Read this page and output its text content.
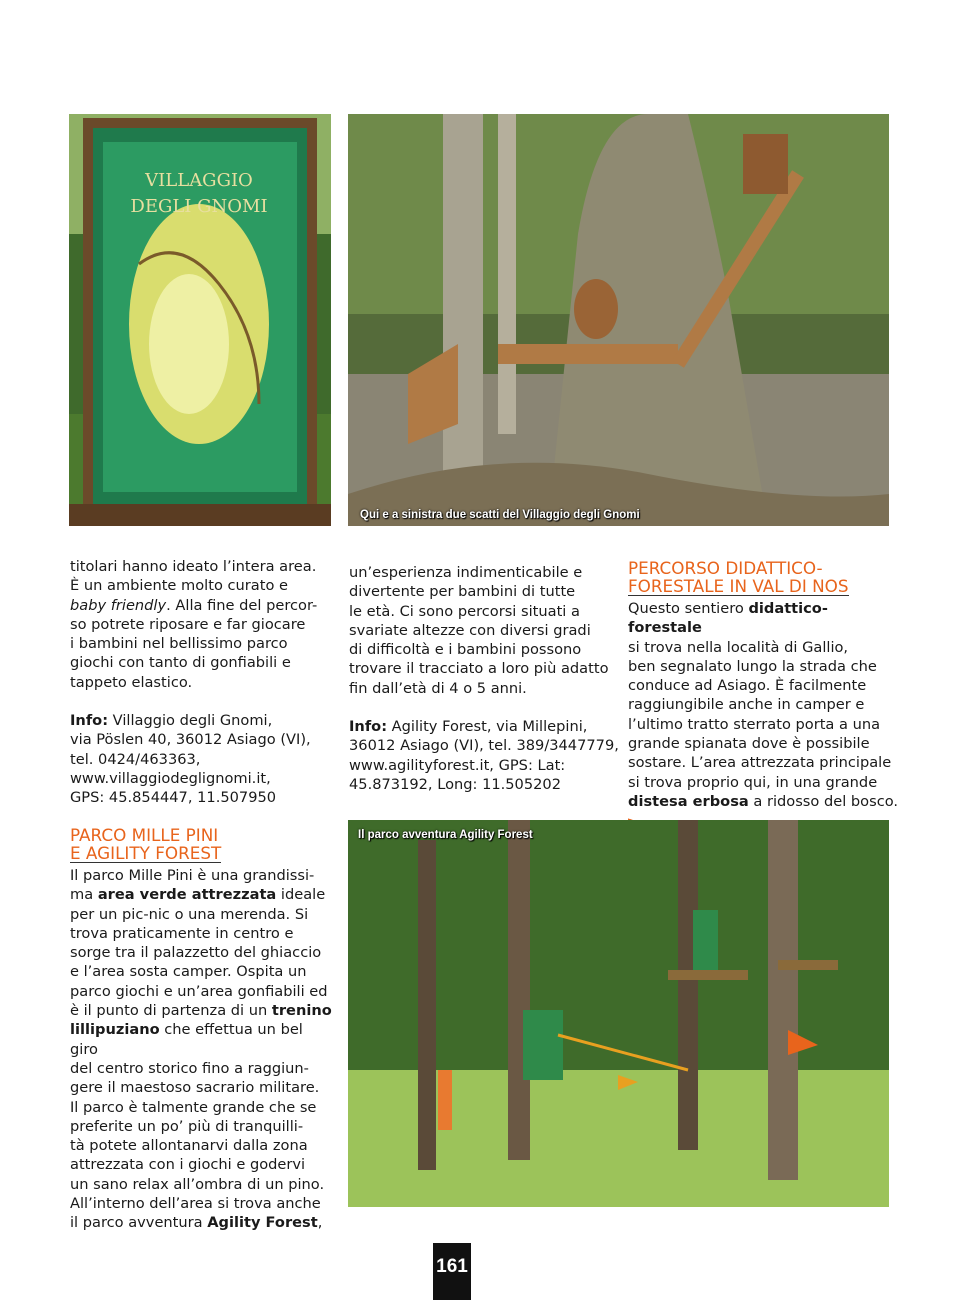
VILLAGGIO
DEGLI GNOMI
Qui e a sinistra due scatti del Villaggio degli Gnomi

titolari hanno ideato l’intera area.

È un ambiente molto curato e

baby friendly. Alla fine del percor-

so potrete riposare e far giocare

i bambini nel bellissimo parco

giochi con tanto di gonfiabili e

tappeto elastico.

Info: Villaggio degli Gnomi,

via Pöslen 40, 36012 Asiago (VI),

tel. 0424/463363,

www.villaggiodeglignomi.it,

GPS: 45.854447, 11.507950

PARCO MILLE PINI
E AGILITY FOREST

Il parco Mille Pini è una grandissi-

ma area verde attrezzata ideale

per un pic-nic o una merenda. Si

trova praticamente in centro e

sorge tra il palazzetto del ghiaccio

e l’area sosta camper. Ospita un

parco giochi e un’area gonfiabili ed

è il punto di partenza di un trenino

lillipuziano che effettua un bel giro

del centro storico fino a raggiun-

gere il maestoso sacrario militare.

Il parco è talmente grande che se

preferite un po’ più di tranquilli-

tà potete allontanarvi dalla zona

attrezzata con i giochi e godervi

un sano relax all’ombra di un pino.

All’interno dell’area si trova anche

il parco avventura Agility Forest,

un’esperienza indimenticabile e

divertente per bambini di tutte

le età. Ci sono percorsi situati a

svariate altezze con diversi gradi

di difficoltà e i bambini possono

trovare il tracciato a loro più adatto

fin dall’età di 4 o 5 anni.

Info: Agility Forest, via Millepini,

36012 Asiago (VI), tel. 389/3447779,

www.agilityforest.it, GPS: Lat:

45.873192, Long: 11.505202

PERCORSO DIDATTICO-
FORESTALE IN VAL DI NOS

Questo sentiero didattico-forestale

si trova nella località di Gallio,

ben segnalato lungo la strada che

conduce ad Asiago. È facilmente

raggiungibile anche in camper e

l’ultimo tratto sterrato porta a una

grande spianata dove è possibile

sostare. L’area attrezzata principale

si trova proprio qui, in una grande

distesa erbosa a ridosso del bosco.

Il parco avventura Agility Forest
161
